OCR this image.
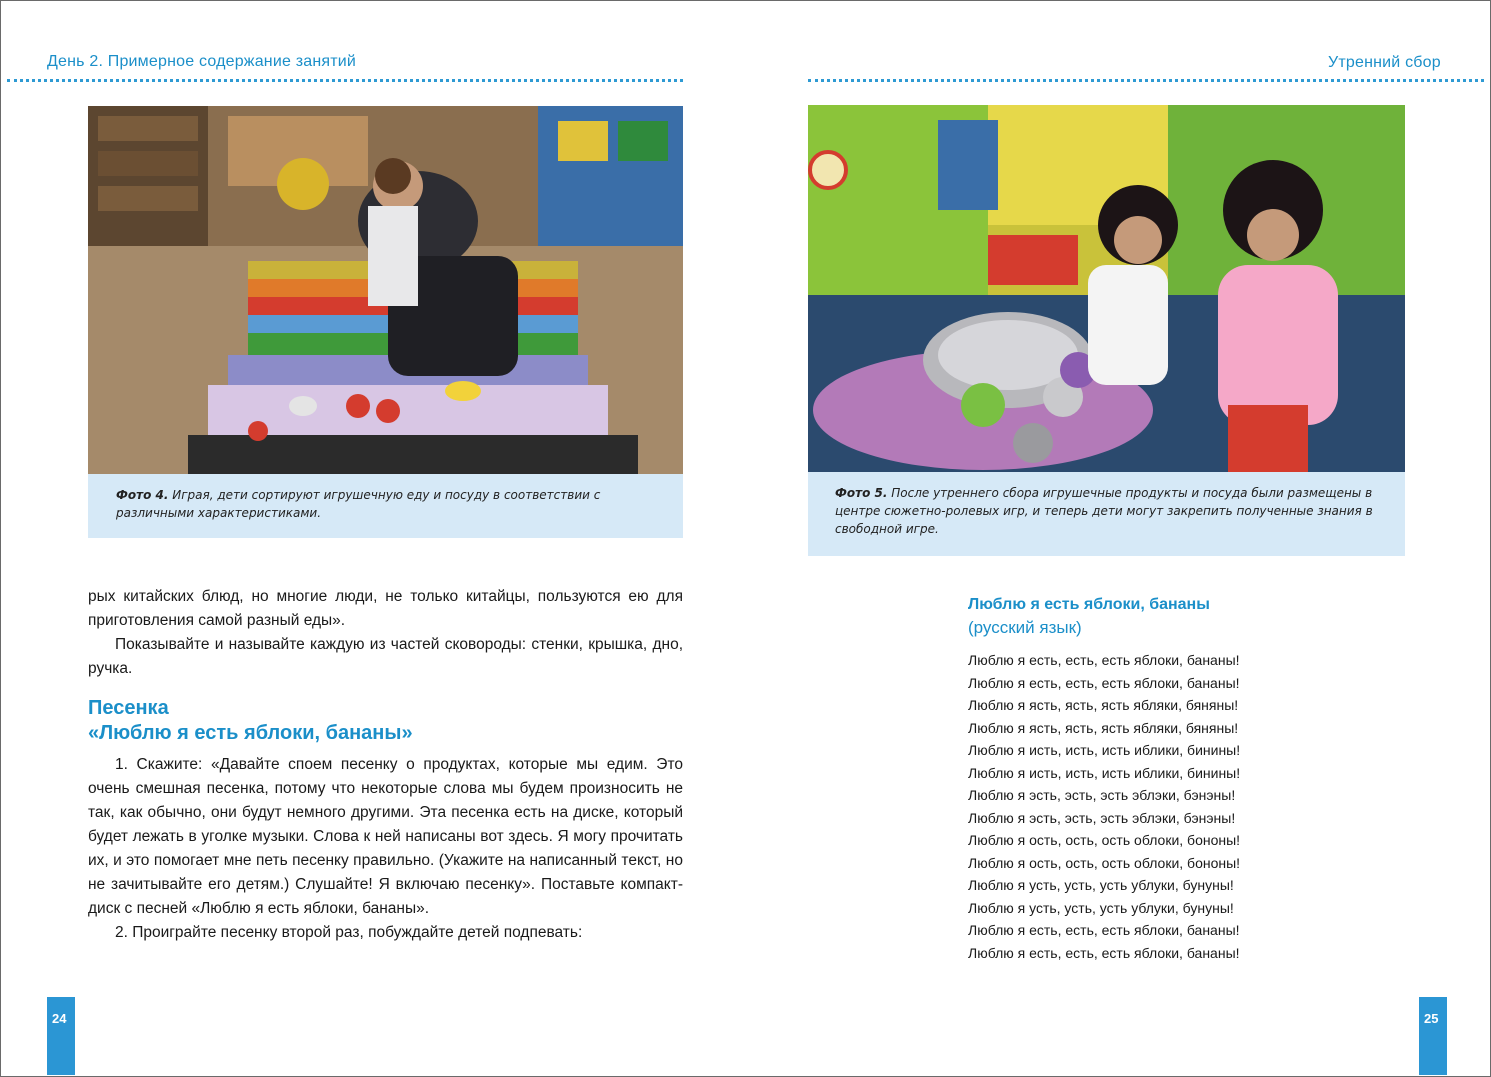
День 2. Примерное содержание занятий
Фото 4. Играя, дети сортируют игрушечную еду и посуду в соответствии с различными характеристиками.

рых китайских блюд, но многие люди, не только китайцы, пользуются ею для приготовления самой разный еды».

Показывайте и называйте каждую из частей сковороды: стенки, крышка, дно, ручка.

Песенка
«Люблю я есть яблоки, бананы»

1. Скажите: «Давайте споем песенку о продуктах, которые мы едим. Это очень смешная песенка, потому что некоторые слова мы будем произносить не так, как обычно, они будут немного другими. Эта песенка есть на диске, который будет лежать в уголке музыки. Слова к ней написаны вот здесь. Я могу прочитать их, и это помогает мне петь песенку правильно. (Укажите на написанный текст, но не зачитывайте его детям.) Слушайте! Я включаю песенку». Поставьте компакт-диск с песней «Люблю я есть яблоки, бананы».

2. Проиграйте песенку второй раз, побуждайте детей подпевать:

24
Утренний сбор
Фото 5. После утреннего сбора игрушечные продукты и посуда были размещены в центре сюжетно-ролевых игр, и теперь дети могут закрепить полученные знания в свободной игре.
Люблю я есть яблоки, бананы
(русский язык)
Люблю я есть, есть, есть яблоки, бананы!
Люблю я есть, есть, есть яблоки, бананы!
Люблю я ясть, ясть, ясть ябляки, бяняны!
Люблю я ясть, ясть, ясть ябляки, бяняны!
Люблю я исть, исть, исть иблики, бинины!
Люблю я исть, исть, исть иблики, бинины!
Люблю я эсть, эсть, эсть эблэки, бэнэны!
Люблю я эсть, эсть, эсть эблэки, бэнэны!
Люблю я ость, ость, ость облоки, бононы!
Люблю я ость, ость, ость облоки, бононы!
Люблю я усть, усть, усть ублуки, бунуны!
Люблю я усть, усть, усть ублуки, бунуны!
Люблю я есть, есть, есть яблоки, бананы!
Люблю я есть, есть, есть яблоки, бананы!
25
